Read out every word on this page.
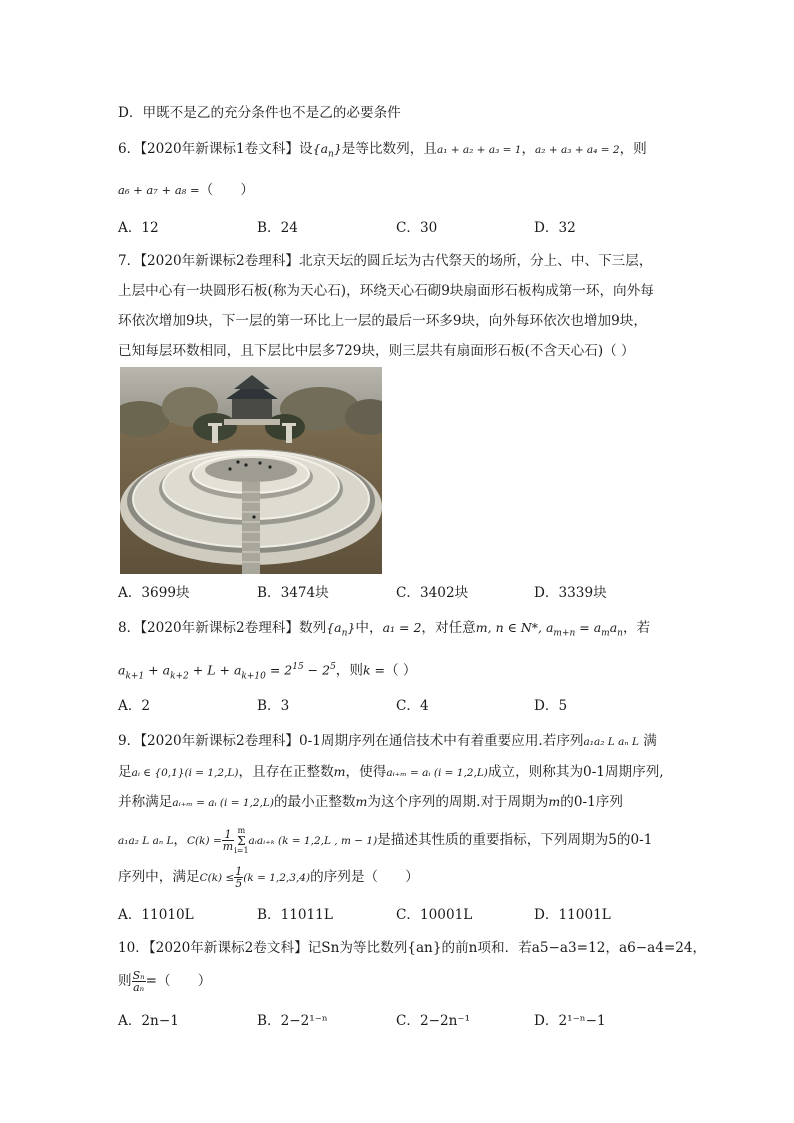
D．甲既不是乙的充分条件也不是乙的必要条件
6．【2020年新课标1卷文科】设$\{a_n\}$是等比数列，且a₁ + a₂ + a₃ = 1，a₂ + a₃ + a₄ = 2，则
a₆ + a₇ + a₈ =（　　）
A．12	B．24	C．30	D．32
7．【2020年新课标2卷理科】北京天坛的圆丘坛为古代祭天的场所，分上、中、下三层，
上层中心有一块圆形石板(称为天心石)，环绕天心石砌9块扇面形石板构成第一环，向外每
环依次增加9块，下一层的第一环比上一层的最后一环多9块，向外每环依次也增加9块，
已知每层环数相同，且下层比中层多729块，则三层共有扇面形石板(不含天心石)（ ）
A．3699块	B．3474块	C．3402块	D．3339块
8．【2020年新课标2卷理科】数列$\{a_n\}$中，a₁ = 2，对任意m, n ∈ N*, $a_{m+n} = a_ma_n$，若
$a_{k+1} + a_{k+2} + L + a_{k+10} = 2^{15} - 2^5$，则k =（ ）
A．2	B．3	C．4	D．5
9．【2020年新课标2卷理科】0-1周期序列在通信技术中有着重要应用.若序列a₁a₂ L aₙ L 满
足aᵢ ∈ {0,1}(i = 1,2,L)，且存在正整数m，使得aᵢ₊ₘ = aᵢ (i = 1,2,L)成立，则称其为0-1周期序列,
并称满足aᵢ₊ₘ = aᵢ (i = 1,2,L)的最小正整数m为这个序列的周期.对于周期为m的0-1序列
a₁a₂ L aₙ L，$C(k) = \frac{1}{m}$ m
Σ
i=1
aᵢaᵢ₊ₖ (k = 1,2,L , m − 1)是描述其性质的重要指标，下列周期为5的0-1
序列中，满足$C(k) \le \frac{1}{5} (k = 1,2,3,4)$的序列是（　　）
A．11010L	B．11011L	C．10001L	D．11001L
10．【2020年新课标2卷文科】记Sn为等比数列{an}的前n项和．若a5−a3=12，a6−a4=24，
则 $\frac{\text{Sₙ}}{\text{aₙ}}$ =（　　）
A．2n−1	B．2−2¹⁻ⁿ	C．2−2n⁻¹	D．2¹⁻ⁿ−1
